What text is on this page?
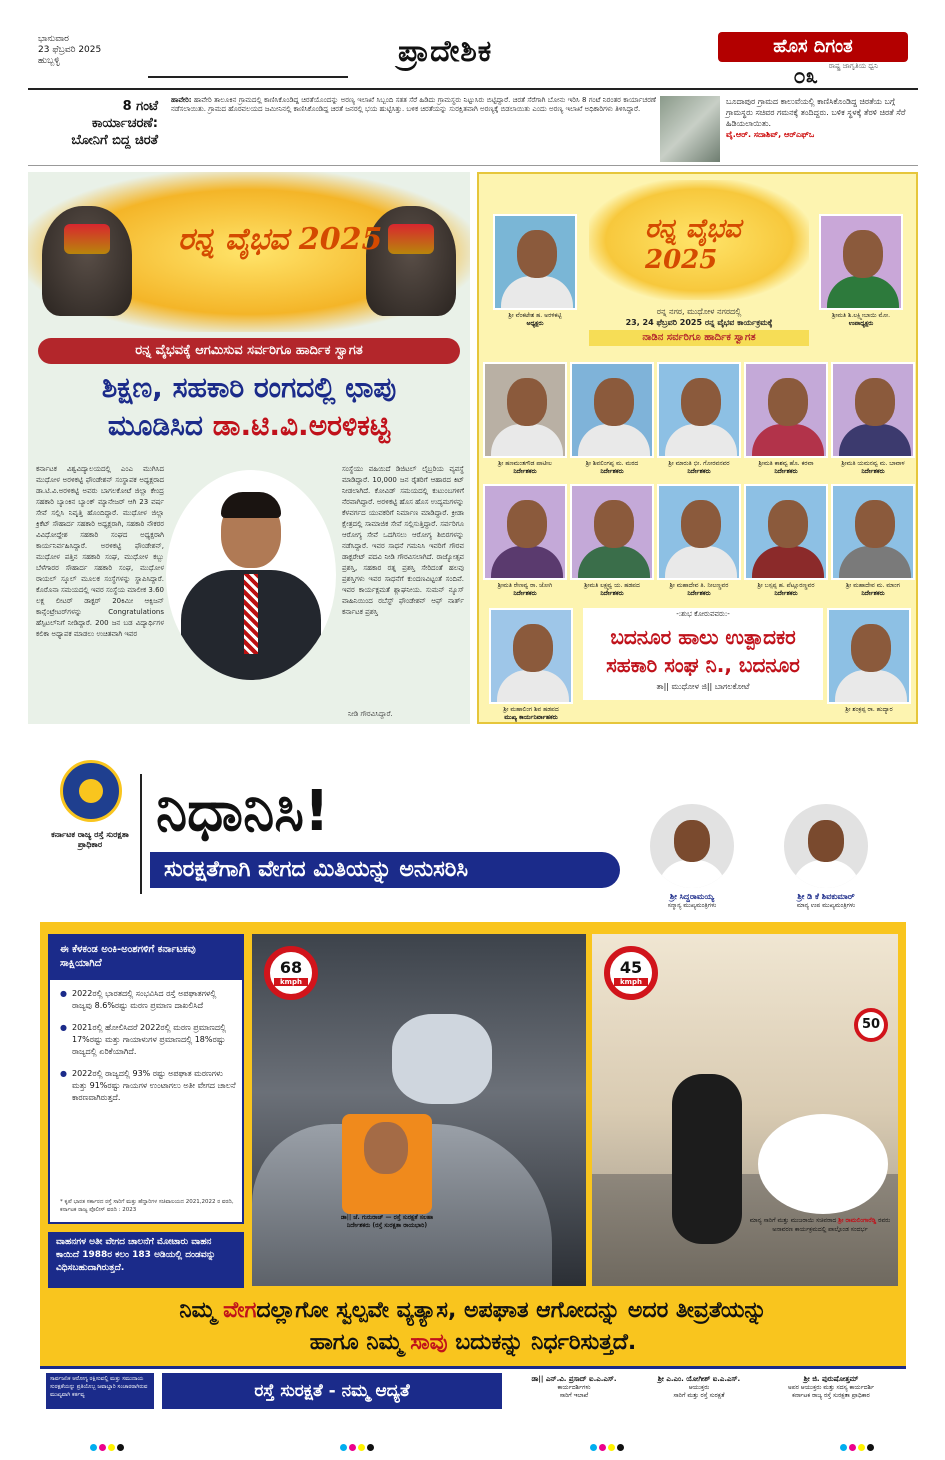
ಭಾನುವಾರ
23 ಫೆಬ್ರವರಿ 2025
ಹುಬ್ಬಳ್ಳಿ	ಪ್ರಾದೇಶಿಕ	ಹೊಸ ದಿಗಂತ
೦೩ ರಾಷ್ಟ್ರ ಜಾಗೃತಿಯ ಧ್ವನಿ
8 ಗಂಟೆ
ಕಾರ್ಯಾಚರಣೆ:
ಬೋನಿಗೆ ಬಿದ್ದ ಚಿರತೆ
ಹಾವೇರಿ: ಹಾವೇರಿ ತಾಲೂಕಿನ ಗ್ರಾಮದಲ್ಲಿ ಕಾಣಿಸಿಕೊಂಡಿದ್ದ ಚಿರತೆಯೊಂದನ್ನು ಅರಣ್ಯ ಇಲಾಖೆ ಸಿಬ್ಬಂದಿ ಸತತ ಸೆರೆ ಹಿಡಿದು ಗ್ರಾಮಸ್ಥರು ನಿಟ್ಟುಸಿರು ಬಿಟ್ಟಿದ್ದಾರೆ. ಚಿರತೆ ಸೆರೆಗಾಗಿ ಬೋನು ಇರಿಸಿ 8 ಗಂಟೆ ನಿರಂತರ ಕಾರ್ಯಾಚರಣೆ ನಡೆಸಲಾಯಿತು. ಗ್ರಾಮದ ಹೊರವಲಯದ ಜಮೀನಿನಲ್ಲಿ ಕಾಣಿಸಿಕೊಂಡಿದ್ದ ಚಿರತೆ ಜನರಲ್ಲಿ ಭಯ ಹುಟ್ಟಿಸಿತ್ತು. ಬಳಿಕ ಚಿರತೆಯನ್ನು ಸುರಕ್ಷಿತವಾಗಿ ಅರಣ್ಯಕ್ಕೆ ಬಿಡಲಾಯಿತು ಎಂದು ಅರಣ್ಯ ಇಲಾಖೆ ಅಧಿಕಾರಿಗಳು ತಿಳಿಸಿದ್ದಾರೆ.
ಬೂದಾಪುರ ಗ್ರಾಮದ ಕಾಲುವೆಯಲ್ಲಿ ಕಾಣಿಸಿಕೊಂಡಿದ್ದ ಚಿರತೆಯ ಬಗ್ಗೆ ಗ್ರಾಮಸ್ಥರು ಸಚಿವರ ಗಮನಕ್ಕೆ ತಂದಿದ್ದರು. ಬಳಿಕ ಸ್ಥಳಕ್ಕೆ ತೆರಳಿ ಚಿರತೆ ಸೆರೆ ಹಿಡಿಯಲಾಯಿತು.
ವೈ.ಆರ್. ಸದಾಶಿವ್, ಆರ್‌ಎಫ್‌ಒ
ರನ್ನ ವೈಭವ 2025
ರನ್ನ ವೈಭವಕ್ಕೆ ಆಗಮಿಸುವ ಸರ್ವರಿಗೂ ಹಾರ್ದಿಕ ಸ್ವಾಗತ
ಶಿಕ್ಷಣ, ಸಹಕಾರಿ ರಂಗದಲ್ಲಿ ಛಾಪು
ಮೂಡಿಸಿದ ಡಾ.ಟಿ.ವಿ.ಅರಳಿಕಟ್ಟಿ
ಕರ್ನಾಟಕ ವಿಶ್ವವಿದ್ಯಾಲಯದಲ್ಲಿ ಎಂಎ ಮುಗಿಸಿದ ಮುಧೋಳ ಅರಳಿಕಟ್ಟಿ ಫೌಂಡೇಶನ್ ಸಂಸ್ಥಾಪಕ ಅಧ್ಯಕ್ಷರಾದ ಡಾ.ಟಿ.ವಿ.ಅರಳಿಕಟ್ಟಿ ಅವರು ಬಾಗಲಕೋಟೆ ಜಿಲ್ಲಾ ಕೇಂದ್ರ ಸಹಕಾರಿ ಬ್ಯಾಂಕಿನ ಬ್ಯಾಂಕ್ ಮ್ಯಾನೇಜರ್ ಆಗಿ 23 ವರ್ಷ ಸೇವೆ ಸಲ್ಲಿಸಿ ನಿವೃತ್ತಿ ಹೊಂದಿದ್ದಾರೆ. ಮುಧೋಳ ಜಿಲ್ಲಾ ಕ್ರಿಕೆಟ್ ಸೌಹಾರ್ದ ಸಹಕಾರಿ ಅಧ್ಯಕ್ಷರಾಗಿ, ಸಹಕಾರಿ ನೌಕರರ ವಿವಿಧೋದ್ದೇಶ ಸಹಕಾರಿ ಸಂಘದ ಅಧ್ಯಕ್ಷರಾಗಿ ಕಾರ್ಯನಿರ್ವಹಿಸಿದ್ದಾರೆ. ಅರಳಿಕಟ್ಟಿ ಫೌಂಡೇಶನ್, ಮುಧೋಳ ಪತ್ತಿನ ಸಹಕಾರಿ ಸಂಘ, ಮುಧೋಳ ಕಬ್ಬು ಬೆಳೆಗಾರರ ಸೌಹಾರ್ದ ಸಹಕಾರಿ ಸಂಘ, ಮುಧೋಳ ರಾಯಲ್ ಸ್ಕೂಲ್ ಮೂಲಕ ಸಂಸ್ಥೆಗಳನ್ನು ಸ್ಥಾಪಿಸಿದ್ದಾರೆ. ಕೊರೊನಾ ಸಮಯದಲ್ಲಿ ಇವರ ಸಂಸ್ಥೆಯ ಮಾಲೀಕ 3.60 ಲಕ್ಷ ಲೀಟರ್ ಡಾಕ್ಟರ್ 20ಕಿಮೀ ಆಕ್ಸಿಜನ್ ಕಾನ್ಸೆಂಟ್ರೇಟರ್‌ಗಳನ್ನು Congratulations ಹೆಸ್ಪಿಟಲ್‌ನಿಗೆ ನೀಡಿದ್ದಾರೆ. 200 ಜನ ಬಡ ವಿದ್ಯಾರ್ಥಿಗಳ ಕಲಿಕಾ ಅಧ್ಯಾಪಕ ಮಾಡಲು ಉಚಿತವಾಗಿ ಇವರ
ಸಂಸ್ಥೆಯು ವಹಿಯಿದೆ ಡಿಜಿಟಲ್ ಲೈಬ್ರರಿಯ ವ್ಯವಸ್ಥೆ ಮಾಡಿದ್ದಾರೆ. 10,000 ಜನ ರೈತರಿಗೆ ಆಹಾರದ ಕಿಟ್ ನೀಡಲಾಗಿದೆ. ಕೋವಿಡ್ ಸಮಯದಲ್ಲಿ ಕುಟುಂಬಗಳಿಗೆ ನೆರವಾಗಿದ್ದಾರೆ. ಅರಳಿಕಟ್ಟಿ ಹೊಸ ಹೊಸ ಉದ್ಯಮಗಳನ್ನು ಕೆಳವರ್ಗದ ಯುವಕರಿಗೆ ನಿರ್ಮಾಣ ಮಾಡಿದ್ದಾರೆ. ಕ್ರೀಡಾ ಕ್ಷೇತ್ರದಲ್ಲಿ ಸಾಮಾಜಿಕ ಸೇವೆ ಸಲ್ಲಿಸುತ್ತಿದ್ದಾರೆ. ಸರ್ವರಿಗೂ ಆರೋಗ್ಯ ಸೇವೆ ಒದಗಿಸಲು ಆರೋಗ್ಯ ಶಿಬಿರಗಳನ್ನು ನಡೆಸಿದ್ದಾರೆ. ಇವರ ಸಾಧನೆ ಗಮನಿಸಿ ಇವರಿಗೆ ಗೌರವ ಡಾಕ್ಟರೇಟ್ ಪದವಿ ನೀಡಿ ಗೌರವಿಸಲಾಗಿದೆ. ರಾಜ್ಯೋತ್ಸವ ಪ್ರಶಸ್ತಿ, ಸಹಕಾರ ರತ್ನ ಪ್ರಶಸ್ತಿ ಸೇರಿದಂತೆ ಹಲವು ಪ್ರಶಸ್ತಿಗಳು ಇವರ ಸಾಧನೆಗೆ ಕುಂದಣವಿಟ್ಟಂತೆ ಸಂದಿವೆ. ಇವರ ಕಾರ್ಯಕ್ಷಮತೆ ಶ್ಲಾಘನೀಯ. ಸುಮನ್ ನ್ಯೂಸ್ ವಾಹಿನಿಯಿಂದ ರಬೆಸ್ಟ್ ಫೌಂಡೇಶನ್ ಆಫ್ ನಾರ್ತ್ ಕರ್ನಾಟಕ ಪ್ರಶಸ್ತಿ
ನೀಡಿ ಗೌರವಿಸಿದ್ದಾರೆ.
ರನ್ನ ವೈಭವ 2025
ಶ್ರೀ ವೆಂಕಟೇಶ ಹ. ಅರಳಿಕಟ್ಟಿ
ಅಧ್ಯಕ್ಷರು
ಶ್ರೀಮತಿ ಶಿ.ಲಕ್ಷ್ಮೀಬಾಯಿ ಮೋ.
ಉಪಾಧ್ಯಕ್ಷರು
ರನ್ನ ನಗರ, ಮುಧೋಳ ನಗರದಲ್ಲಿ
23, 24 ಫೆಬ್ರವರಿ 2025 ರನ್ನ ವೈಭವ ಕಾರ್ಯಕ್ರಮಕ್ಕೆ
ನಾಡಿನ ಸರ್ವರಿಗೂ ಹಾರ್ದಿಕ ಸ್ವಾಗತ
ಶ್ರೀ ಹಣಮಂತಗೌಡ ಪಾಟೀಲ
ನಿರ್ದೇಶಕರು
ಶ್ರೀ ಶಿವಲಿಂಗಪ್ಪ ಮ. ಮಠದ
ನಿರ್ದೇಶಕರು
ಶ್ರೀ ಮಾರುತಿ ಭೀ. ಗೋರವನವರ
ನಿರ್ದೇಶಕರು
ಶ್ರೀಮತಿ ಕಾಶವ್ವ ಹೊ. ಕರವಾ
ನಿರ್ದೇಶಕರು
ಶ್ರೀಮತಿ ಯಮನವ್ವ ಮ. ಬಾವಾಳ
ನಿರ್ದೇಶಕರು
ಶ್ರೀಮತಿ ರೇಣವ್ವ ರಾ. ಜೋಗಿ
ನಿರ್ದೇಶಕರು
ಶ್ರೀಮತಿ ಲಕ್ಷ್ಮವ್ವ ಯ. ಹಡಪದ
ನಿರ್ದೇಶಕರು
ಶ್ರೀ ಮಹಾದೇವ ತಿ. ನೀಲಣ್ಣವರ
ನಿರ್ದೇಶಕರು
ಶ್ರೀ ಬಸ್ಸಪ್ಪ ಹ. ಪೆಟ್ಲೂರಣ್ಣವರ
ನಿರ್ದೇಶಕರು
ಶ್ರೀ ಮಹಾದೇವ ಮ. ಮಾಂಗ
ನಿರ್ದೇಶಕರು
ಶ್ರೀ ಮಹಾಲಿಂಗ ಶಿವ ಹಡಪದ
ಮುಖ್ಯ ಕಾರ್ಯನಿರ್ವಾಹಕರು
-:ಶುಭ ಕೋರುವವರು:-
ಬದನೂರ ಹಾಲು ಉತ್ಪಾದಕರ
ಸಹಕಾರಿ ಸಂಘ ನಿ., ಬದನೂರ
ತಾ|| ಮುಧೋಳ ಜಿ|| ಬಾಗಲಕೋಟೆ
ಶ್ರೀ ಶಂಕ್ರಪ್ಪ ರಾ. ಹುದ್ಯಾರ
ಕರ್ನಾಟಕ ರಾಜ್ಯ ರಸ್ತೆ ಸುರಕ್ಷತಾ ಪ್ರಾಧಿಕಾರ
ನಿಧಾನಿಸಿ!
ಸುರಕ್ಷತೆಗಾಗಿ ವೇಗದ ಮಿತಿಯನ್ನು ಅನುಸರಿಸಿ
ಶ್ರೀ ಸಿದ್ದರಾಮಯ್ಯ
ಸನ್ಮಾನ್ಯ ಮುಖ್ಯಮಂತ್ರಿಗಳು
ಶ್ರೀ ಡಿ ಕೆ ಶಿವಕುಮಾರ್
ಮಾನ್ಯ ಉಪ ಮುಖ್ಯಮಂತ್ರಿಗಳು
ಈ ಕೆಳಕಂಡ ಅಂಕಿ-ಅಂಶಗಳಿಗೆ ಕರ್ನಾಟಕವು ಸಾಕ್ಷಿಯಾಗಿದೆ
● 2022ರಲ್ಲಿ ಭಾರತದಲ್ಲಿ ಸಂಭವಿಸಿದ ರಸ್ತೆ ಅಪಘಾತಗಳಲ್ಲಿ ರಾಜ್ಯವು 8.6%ರಷ್ಟು ಮರಣ ಪ್ರಮಾಣ ದಾಖಲಿಸಿದೆ
● 2021ರಲ್ಲಿ ಹೋಲಿಸಿದರೆ 2022ರಲ್ಲಿ ಮರಣ ಪ್ರಮಾಣದಲ್ಲಿ 17%ರಷ್ಟು ಮತ್ತು ಗಾಯಾಳುಗಳ ಪ್ರಮಾಣದಲ್ಲಿ 18%ರಷ್ಟು ರಾಜ್ಯದಲ್ಲಿ ಏರಿಕೆಯಾಗಿದೆ.
● 2022ರಲ್ಲಿ ರಾಜ್ಯದಲ್ಲಿ 93% ರಷ್ಟು ಅಪಘಾತ ಮರಣಗಳು ಮತ್ತು 91%ರಷ್ಟು ಗಾಯಗಳ ಉಂಟಾಗಲು ಅತೀ ವೇಗದ ಚಾಲನೆ ಕಾರಣವಾಗಿರುತ್ತದೆ.
* ಕೃಪೆ ಭಾರತ ಸರ್ಕಾರದ ರಸ್ತೆ ಸಾರಿಗೆ ಮತ್ತು ಹೆದ್ದಾರಿಗಳ ಸಚಿವಾಲಯದ 2021,2022 ರ ವರದಿ, ಕರ್ನಾಟಕ ರಾಜ್ಯ ಪೊಲೀಸ್ ವರದಿ : 2023
ವಾಹನಗಳ ಅತೀ ವೇಗದ ಚಾಲನೆಗೆ ಮೋಟಾರು ವಾಹನ ಕಾಯಿದೆ 1988ರ ಕಲಂ 183 ಅಡಿಯಲ್ಲಿ ದಂಡವನ್ನು ವಿಧಿಸಬಹುದಾಗಿರುತ್ತದೆ.
68
kmph
45
kmph
50
ಮಾನ್ಯ ಸಾರಿಗೆ ಮತ್ತು ಮುಜರಾಯಿ ಸಚಿವರಾದ ಶ್ರೀ ರಾಮಲಿಂಗಾರೆಡ್ಡಿ ರವರು ಅನಾವರಣ ಕಾರ್ಯಕ್ರಮದಲ್ಲಿ ಪಾಲ್ಗೊಂಡ ಸಂದರ್ಭ
ಡಾ|| ಜೆ. ಗುರುರಾಜ್ — ರಸ್ತೆ ಸುರಕ್ಷತೆ ಸಲಹಾ ನಿರ್ದೇಶಕರು (ರಸ್ತೆ ಸುರಕ್ಷತಾ ರಾಯಭಾರಿ)
ನಿಮ್ಮ ವೇಗದಲ್ಲಾಗೋ ಸ್ವಲ್ಪವೇ ವ್ಯತ್ಯಾಸ, ಅಪಘಾತ ಆಗೋದನ್ನು ಅದರ ತೀವ್ರತೆಯನ್ನು
ಹಾಗೂ ನಿಮ್ಮ ಸಾವು ಬದುಕನ್ನು ನಿರ್ಧರಿಸುತ್ತದೆ.
ಸಾರ್ವಜನಿಕ ಆರೋಗ್ಯ ರಕ್ಷಿಸುವಲ್ಲಿ ಮತ್ತು ಸಮುದಾಯ ಸುರಕ್ಷತೆಯನ್ನು ಪ್ರತಿಯೊಬ್ಬ ಜವಾಬ್ದಾರಿ ಸಂಚಾರರಾಗಿರುವ ಮುಖ್ಯವಾಗಿ ಕರ್ತವ್ಯ	ರಸ್ತೆ ಸುರಕ್ಷತೆ - ನಮ್ಮ ಆದ್ಯತೆ
ಡಾ|| ಎನ್.ವಿ. ಪ್ರಸಾದ್ ಐ.ಎ.ಎಸ್.
ಕಾರ್ಯದರ್ಶಿಗಳು
ಸಾರಿಗೆ ಇಲಾಖೆ
ಶ್ರೀ ಎ.ಎಂ. ಯೋಗೀಶ್ ಐ.ಎ.ಎಸ್.
ಆಯುಕ್ತರು
ಸಾರಿಗೆ ಮತ್ತು ರಸ್ತೆ ಸುರಕ್ಷತೆ
ಶ್ರೀ ಜಿ. ಪುರುಷೋತ್ತಮ್
ಅಪರ ಆಯುಕ್ತರು ಮತ್ತು ಸದಸ್ಯ ಕಾರ್ಯದರ್ಶಿ
ಕರ್ನಾಟಕ ರಾಜ್ಯ ರಸ್ತೆ ಸುರಕ್ಷತಾ ಪ್ರಾಧಿಕಾರ
